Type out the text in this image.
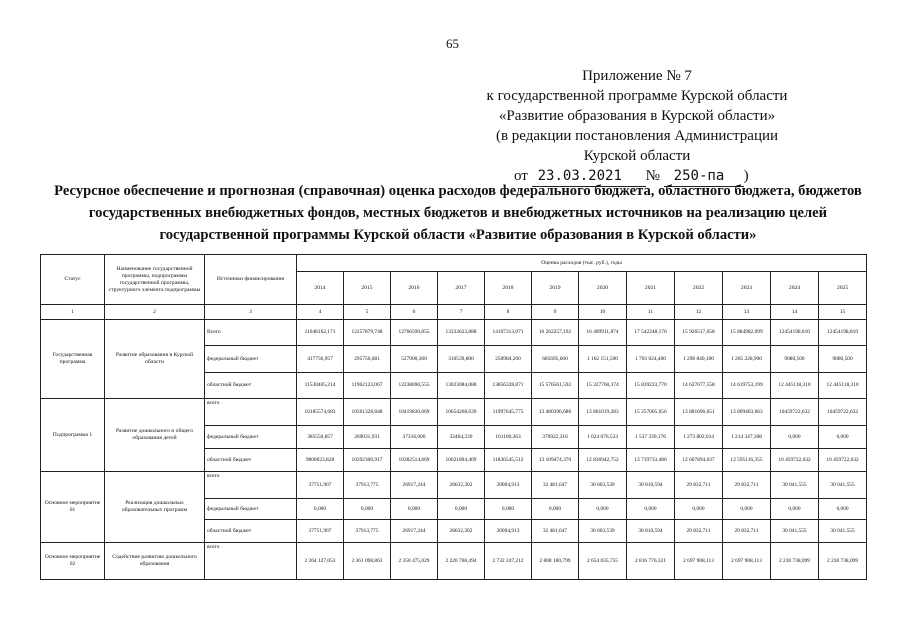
65
Приложение № 7
к государственной программе Курской области
«Развитие образования в Курской области»
(в редакции постановления Администрации
Курской области
от 23.03.2021 № 250-па )
Ресурсное обеспечение и прогнозная (справочная) оценка расходов федерального бюджета, областного бюджета, бюджетов государственных внебюджетных фондов, местных бюджетов и внебюджетных источников на реализацию целей государственной программы Курской области «Развитие образования в Курской области»
Статус	Наименование государственной программы, подпрограммы государственной программы, структурного элемента подпрограммы	Источники финансирования	Оценка расходов (тыс. руб.), годы											
			2014	2015	2016	2017	2018	2019	2020	2021	2022	2023	2024	2025
1	2	3	4	5	6	7	8	9	10	11	12	13	14	15
Государственная программа	Развитие образования в Курской области	Всего	11048162,171	12257879,748	12766590,855	13333623,888	14107313,071	16 262257,192	16 489911,874	17 542248,170	15 926517,658	15 884982,099	12454198,810	12454198,810
		федеральный бюджет	417756,957	295756,681	527900,300	310539,800	250984,200	685695,600	1 162 151,500	1 703 024,400	1 298 840,100	1 265 228,900	9080,500	9080,500
		областной бюджет	11530405,214	11962123,067	12238690,555	13023084,088	13856328,871	15 576561,592	15 327760,374	15 839223,770	14 627677,558	14 619753,199	12 445118,310	12 445118,310
Подпрограмма 1	Развитие дошкольного и общего образования детей	всего	10185574,683	10561328,848	10419830,669	10654268,639	11997645,775	13 480396,686	13 861019,283	15 257065,656	13 881696,651	13 809463,663	10459722,632	10459722,632
		федеральный бюджет	385550,857	269031,931	37316,000	32464,230	161100,263	370922,316	1 024 076,533	1 537 339,176	1 273 802,014	1 214 347,308	0,000	0,000
		областной бюджет	9800023,828	10292306,917	10382514,669	10621804,409	11836545,512	13 109474,370	12 836942,752	13 719733,480	12 607894,637	12 595116,355	10 459722,632	10 459722,632
Основное мероприятие 01	Реализация дошкольных образовательных программ	всего	37751,907	37913,775	26917,244	28632,302	30004,913	32 481,647	30 603,539	30 810,594	29 832,711	29 832,711	30 041,555	30 041,555
		федеральный бюджет	0,000	0,000	0,000	0,000	0,000	0,000	0,000	0,000	0,000	0,000	0,000	0,000
		областной бюджет	37751,907	37913,775	26917,244	28632,302	30004,913	32 481,647	30 603,539	30 810,594	29 832,711	29 832,711	30 041,555	30 041,555
Основное мероприятие 02	Содействие развитию дошкольного образования	всего	2 264 127,053	2 361 098,863	2 350 475,029	2 220 768,494	2 732 247,212	2 808 180,799	2 654 035,755	2 816 776,321	2 697 908,113	2 697 908,113	2 230 738,099	2 230 738,099
